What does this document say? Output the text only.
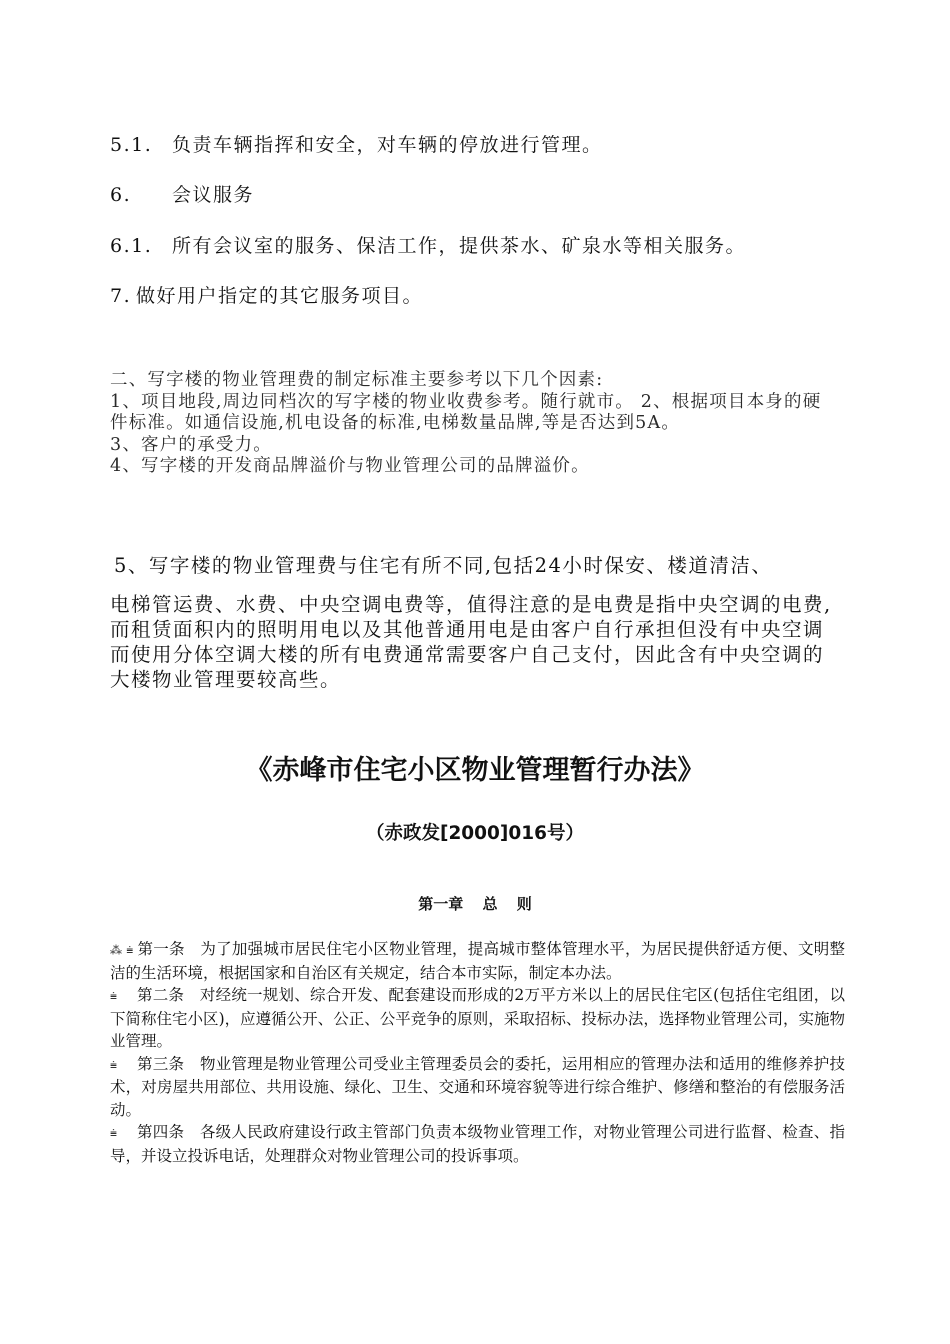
5.1. 负责车辆指挥和安全，对车辆的停放进行管理。
6. 会议服务
6.1. 所有会议室的服务、保洁工作，提供茶水、矿泉水等相关服务。
7. 做好用户指定的其它服务项目。

二、写字楼的物业管理费的制定标准主要参考以下几个因素:

1、项目地段,周边同档次的写字楼的物业收费参考。随行就市。 2、根据项目本身的硬件标准。如通信设施,机电设备的标准,电梯数量品牌,等是否达到5A。

3、客户的承受力。

4、写字楼的开发商品牌溢价与物业管理公司的品牌溢价。

5、写字楼的物业管理费与住宅有所不同,包括24小时保安、楼道清洁、

电梯管运费、水费、中央空调电费等，值得注意的是电费是指中央空调的电费,而租赁面积内的照明用电以及其他普通用电是由客户自行承担但没有中央空调而使用分体空调大楼的所有电费通常需要客户自己支付，因此含有中央空调的大楼物业管理要较高些。

《赤峰市住宅小区物业管理暂行办法》
（赤政发[2000]016号）
第一章 总 则

⁂ ⩧ 第一条　为了加强城市居民住宅小区物业管理，提高城市整体管理水平，为居民提供舒适方便、文明整洁的生活环境，根据国家和自治区有关规定，结合本市实际，制定本办法。

⩧　第二条　对经统一规划、综合开发、配套建设而形成的2万平方米以上的居民住宅区(包括住宅组团，以下简称住宅小区)，应遵循公开、公正、公平竞争的原则，采取招标、投标办法，选择物业管理公司，实施物业管理。

⩧　第三条　物业管理是物业管理公司受业主管理委员会的委托，运用相应的管理办法和适用的维修养护技术，对房屋共用部位、共用设施、绿化、卫生、交通和环境容貌等进行综合维护、修缮和整治的有偿服务活动。

⩧　第四条　各级人民政府建设行政主管部门负责本级物业管理工作，对物业管理公司进行监督、检查、指导，并设立投诉电话，处理群众对物业管理公司的投诉事项。
